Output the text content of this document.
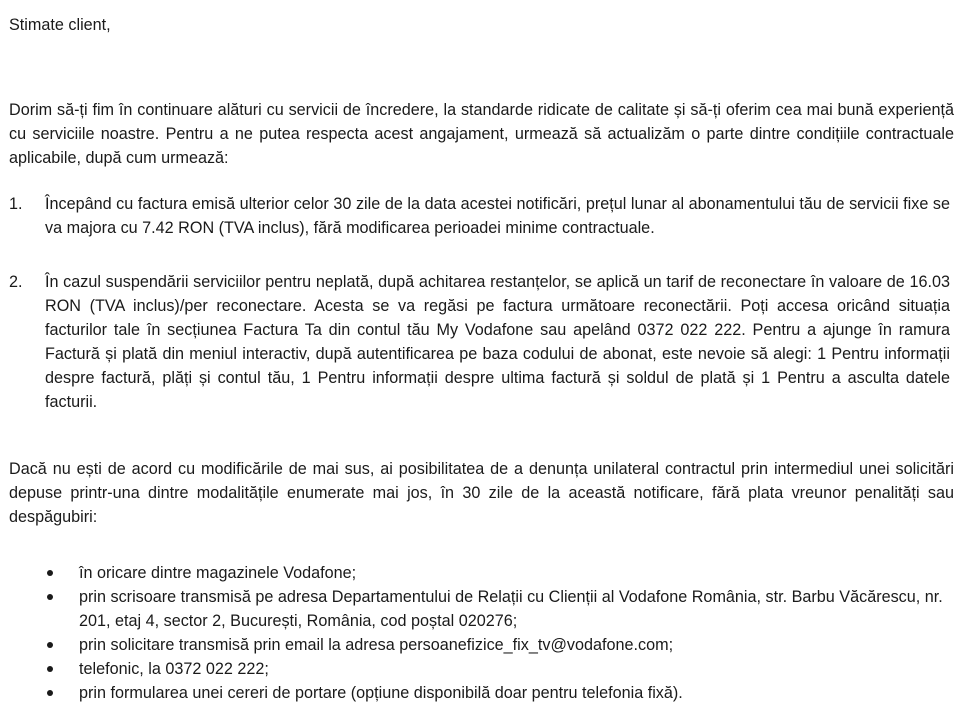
Stimate client,
Dorim să-ți fim în continuare alături cu servicii de încredere, la standarde ridicate de calitate și să-ți oferim cea mai bună experiență cu serviciile noastre. Pentru a ne putea respecta acest angajament, urmează să actualizăm o parte dintre condițiile contractuale aplicabile, după cum urmează:
1. Începând cu factura emisă ulterior celor 30 zile de la data acestei notificări, prețul lunar al abonamentului tău de servicii fixe se va majora cu 7.42 RON (TVA inclus), fără modificarea perioadei minime contractuale.
2. În cazul suspendării serviciilor pentru neplată, după achitarea restanțelor, se aplică un tarif de reconectare în valoare de 16.03 RON (TVA inclus)/per reconectare. Acesta se va regăsi pe factura următoare reconectării. Poți accesa oricând situația facturilor tale în secțiunea Factura Ta din contul tău My Vodafone sau apelând 0372 022 222. Pentru a ajunge în ramura Factură și plată din meniul interactiv, după autentificarea pe baza codului de abonat, este nevoie să alegi: 1 Pentru informații despre factură, plăți și contul tău, 1 Pentru informații despre ultima factură și soldul de plată și 1 Pentru a asculta datele facturii.
Dacă nu ești de acord cu modificările de mai sus, ai posibilitatea de a denunța unilateral contractul prin intermediul unei solicitări depuse printr-una dintre modalitățile enumerate mai jos, în 30 zile de la această notificare, fără plata vreunor penalități sau despăgubiri:
în oricare dintre magazinele Vodafone;
prin scrisoare transmisă pe adresa Departamentului de Relații cu Clienții al Vodafone România, str. Barbu Văcărescu, nr. 201, etaj 4, sector 2, București, România, cod poștal 020276;
prin solicitare transmisă prin email la adresa persoanefizice_fix_tv@vodafone.com;
telefonic, la 0372 022 222;
prin formularea unei cereri de portare (opțiune disponibilă doar pentru telefonia fixă).
